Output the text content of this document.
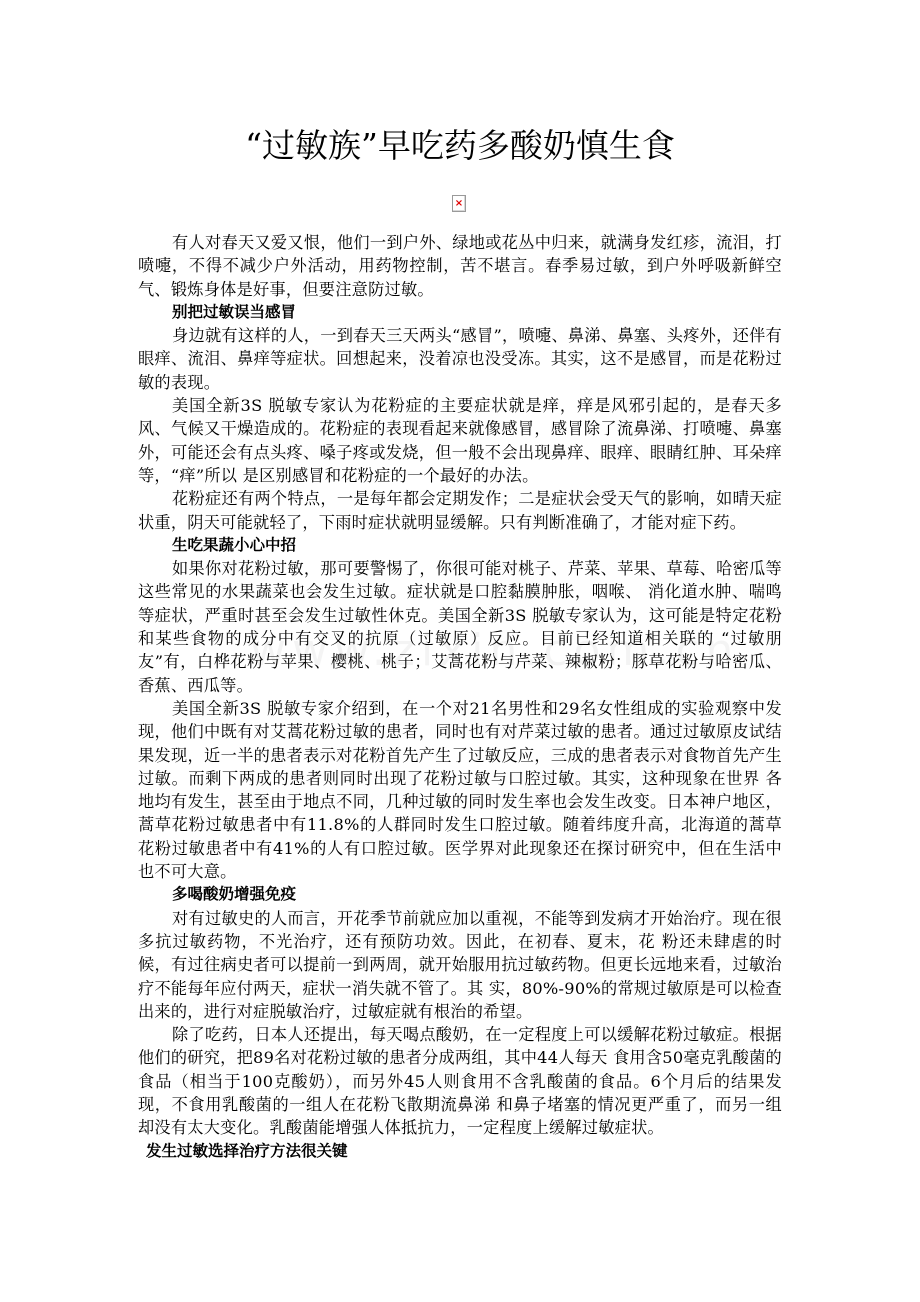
“过敏族”早吃药多酸奶慎生食
×

有人对春天又爱又恨，他们一到户外、绿地或花丛中归来，就满身发红疹，流泪，打喷嚏，不得不减少户外活动，用药物控制，苦不堪言。春季易过敏，到户外呼吸新鲜空气、锻炼身体是好事，但要注意防过敏。

别把过敏误当感冒

身边就有这样的人，一到春天三天两头“感冒”，喷嚏、鼻涕、鼻塞、头疼外，还伴有眼痒、流泪、鼻痒等症状。回想起来，没着凉也没受冻。其实，这不是感冒，而是花粉过敏的表现。

美国全新3S 脱敏专家认为花粉症的主要症状就是痒，痒是风邪引起的，是春天多风、气候又干燥造成的。花粉症的表现看起来就像感冒，感冒除了流鼻涕、打喷嚏、鼻塞 外，可能还会有点头疼、嗓子疼或发烧，但一般不会出现鼻痒、眼痒、眼睛红肿、耳朵痒等，“痒”所以 是区别感冒和花粉症的一个最好的办法。

花粉症还有两个特点，一是每年都会定期发作；二是症状会受天气的影响，如晴天症状重，阴天可能就轻了，下雨时症状就明显缓解。只有判断准确了，才能对症下药。

生吃果蔬小心中招

如果你对花粉过敏，那可要警惕了，你很可能对桃子、芹菜、苹果、草莓、哈密瓜等这些常见的水果蔬菜也会发生过敏。症状就是口腔黏膜肿胀，咽喉、 消化道水肿、喘鸣等症状，严重时甚至会发生过敏性休克。美国全新3S 脱敏专家认为，这可能是特定花粉和某些食物的成分中有交叉的抗原（过敏原）反应。目前已经知道相关联的 “过敏朋友”有，白桦花粉与苹果、樱桃、桃子；艾蒿花粉与芹菜、辣椒粉；豚草花粉与哈密瓜、香蕉、西瓜等。

美国全新3S 脱敏专家介绍到，在一个对21名男性和29名女性组成的实验观察中发现，他们中既有对艾蒿花粉过敏的患者，同时也有对芹菜过敏的患者。通过过敏原皮试结果发现，近一半的患者表示对花粉首先产生了过敏反应，三成的患者表示对食物首先产生过敏。而剩下两成的患者则同时出现了花粉过敏与口腔过敏。其实，这种现象在世界 各地均有发生，甚至由于地点不同，几种过敏的同时发生率也会发生改变。日本神户地区，蒿草花粉过敏患者中有11.8%的人群同时发生口腔过敏。随着纬度升高，北海道的蒿草花粉过敏患者中有41%的人有口腔过敏。医学界对此现象还在探讨研究中，但在生活中也不可大意。

多喝酸奶增强免疫

对有过敏史的人而言，开花季节前就应加以重视，不能等到发病才开始治疗。现在很多抗过敏药物，不光治疗，还有预防功效。因此，在初春、夏末，花 粉还未肆虐的时候，有过往病史者可以提前一到两周，就开始服用抗过敏药物。但更长远地来看，过敏治疗不能每年应付两天，症状一消失就不管了。其 实，80%-90%的常规过敏原是可以检查出来的，进行对症脱敏治疗，过敏症就有根治的希望。

除了吃药，日本人还提出，每天喝点酸奶，在一定程度上可以缓解花粉过敏症。根据他们的研究，把89名对花粉过敏的患者分成两组，其中44人每天 食用含50毫克乳酸菌的食品（相当于100克酸奶），而另外45人则食用不含乳酸菌的食品。6个月后的结果发现，不食用乳酸菌的一组人在花粉飞散期流鼻涕 和鼻子堵塞的情况更严重了，而另一组却没有太大变化。乳酸菌能增强人体抵抗力，一定程度上缓解过敏症状。

发生过敏选择治疗方法很关键
